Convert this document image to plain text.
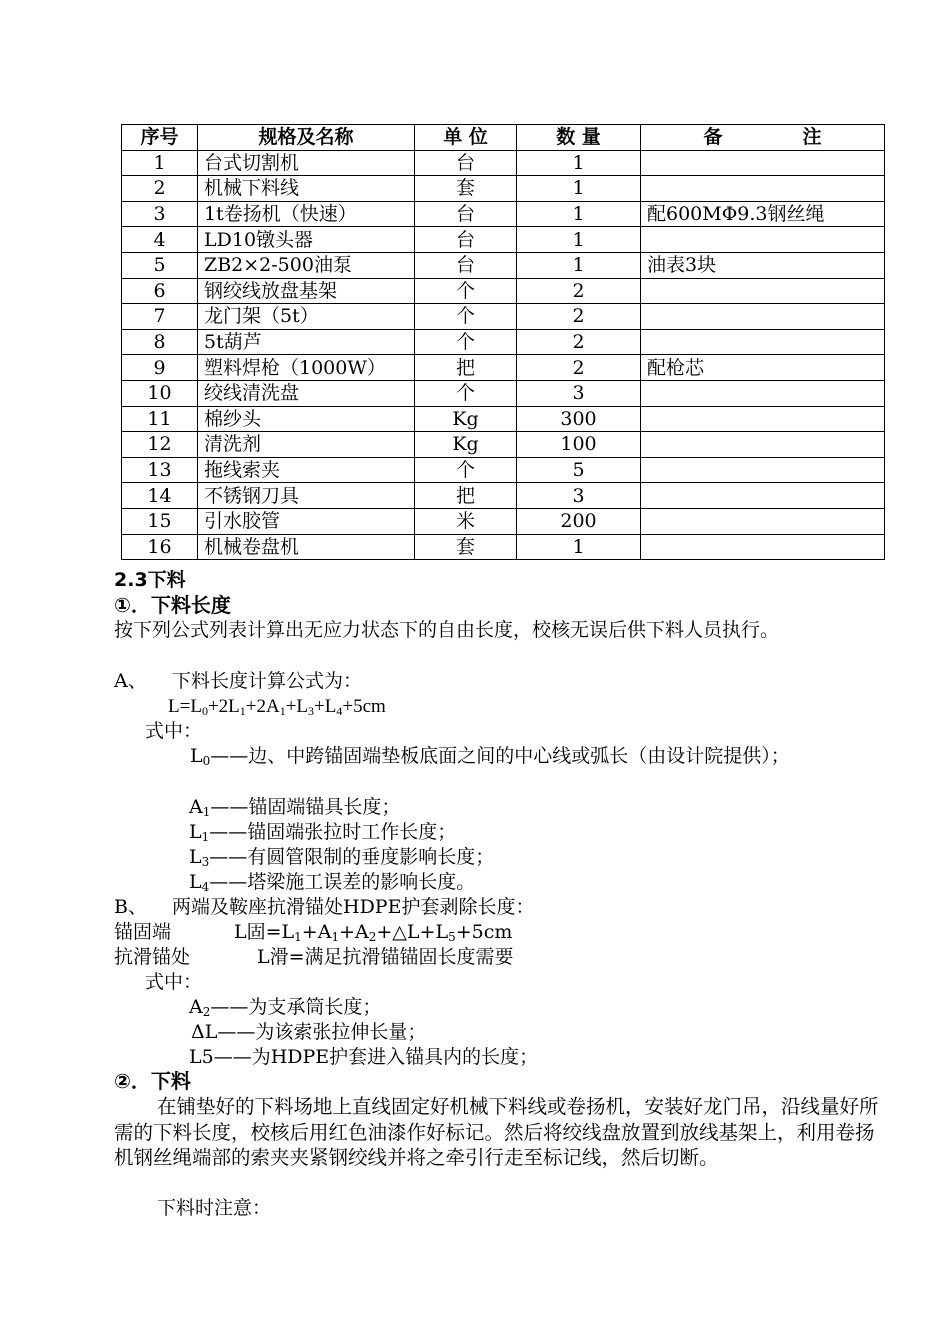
序号	规格及名称	单 位	数 量	备 注
1	台式切割机	台	1	
2	机械下料线	套	1	
3	1t卷扬机（快速）	台	1	配600MΦ9.3钢丝绳
4	LD10镦头器	台	1	
5	ZB2×2-500油泵	台	1	油表3块
6	钢绞线放盘基架	个	2	
7	龙门架（5t）	个	2	
8	5t葫芦	个	2	
9	塑料焊枪（1000W）	把	2	配枪芯
10	绞线清洗盘	个	3	
11	棉纱头	Kg	300	
12	清洗剂	Kg	100	
13	拖线索夹	个	5	
14	不锈钢刀具	把	3	
15	引水胶管	米	200	
16	机械卷盘机	套	1	
2.3下料
①．下料长度
按下列公式列表计算出无应力状态下的自由长度，校核无误后供下料人员执行。
A、 下料长度计算公式为：
$L=L_0+2L_1+2A_1+L_3+L_4+5cm$
式中：
$L_0——$边、中跨锚固端垫板底面之间的中心线或弧长（由设计院提供）；
$A_1——$锚固端锚具长度；
$L_1——$锚固端张拉时工作长度；
$L_3——$有圆管限制的垂度影响长度；
$L_4——$塔梁施工误差的影响长度。
B、 两端及鞍座抗滑锚处HDPE护套剥除长度：
锚固端	L固$=L_1+A_1+A_2+\triangle L+L_5+5cm$
抗滑锚处	L滑=满足抗滑锚锚固长度需要
式中：
$A_2——$为支承筒长度；
ΔL——为该索张拉伸长量；
L5——为HDPE护套进入锚具内的长度；
②．下料
在铺垫好的下料场地上直线固定好机械下料线或卷扬机，安装好龙门吊，沿线量好所需的下料长度，校核后用红色油漆作好标记。然后将绞线盘放置到放线基架上，利用卷扬机钢丝绳端部的索夹夹紧钢绞线并将之牵引行走至标记线，然后切断。
下料时注意：
